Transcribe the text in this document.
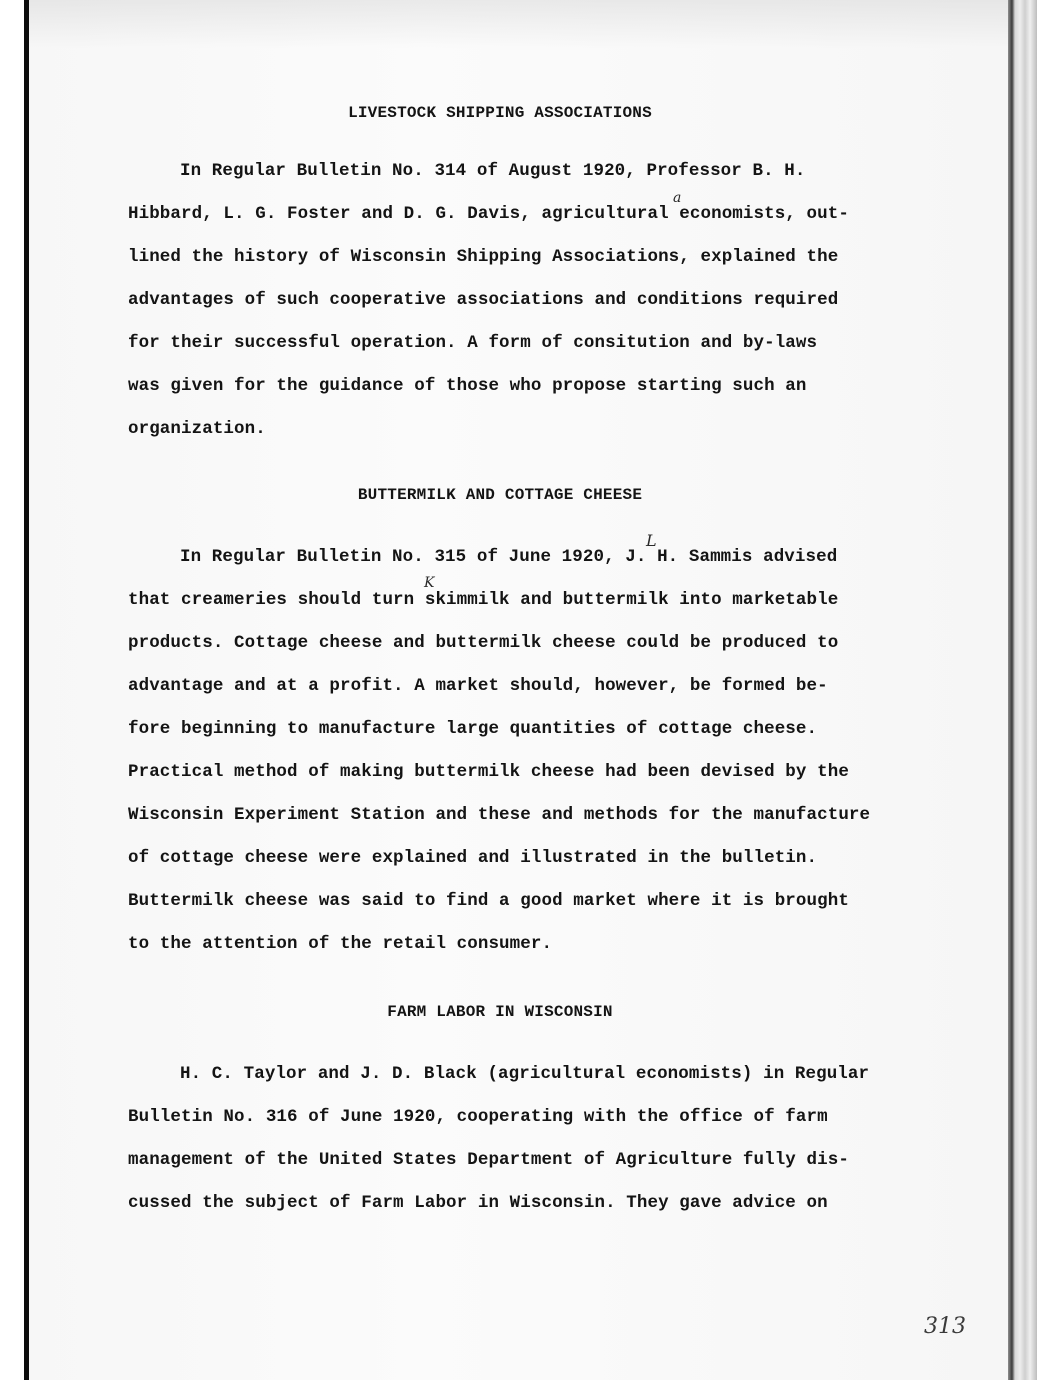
LIVESTOCK SHIPPING ASSOCIATIONS
In Regular Bulletin No. 314 of August 1920, Professor B. H.
Hibbard, L. G. Foster and D. G. Davis, agricultural economists, out-
lined the history of Wisconsin Shipping Associations, explained the
advantages of such cooperative associations and conditions required
for their successful operation. A form of consitution and by-laws
was given for the guidance of those who propose starting such an
organization.
a
BUTTERMILK AND COTTAGE CHEESE
In Regular Bulletin No. 315 of June 1920, J. H. Sammis advised
that creameries should turn skimmilk and buttermilk into marketable
products. Cottage cheese and buttermilk cheese could be produced to
advantage and at a profit. A market should, however, be formed be-
fore beginning to manufacture large quantities of cottage cheese.
Practical method of making buttermilk cheese had been devised by the
Wisconsin Experiment Station and these and methods for the manufacture
of cottage cheese were explained and illustrated in the bulletin.
Buttermilk cheese was said to find a good market where it is brought
to the attention of the retail consumer.
L
K
FARM LABOR IN WISCONSIN
H. C. Taylor and J. D. Black (agricultural economists) in Regular
Bulletin No. 316 of June 1920, cooperating with the office of farm
management of the United States Department of Agriculture fully dis-
cussed the subject of Farm Labor in Wisconsin. They gave advice on
313
